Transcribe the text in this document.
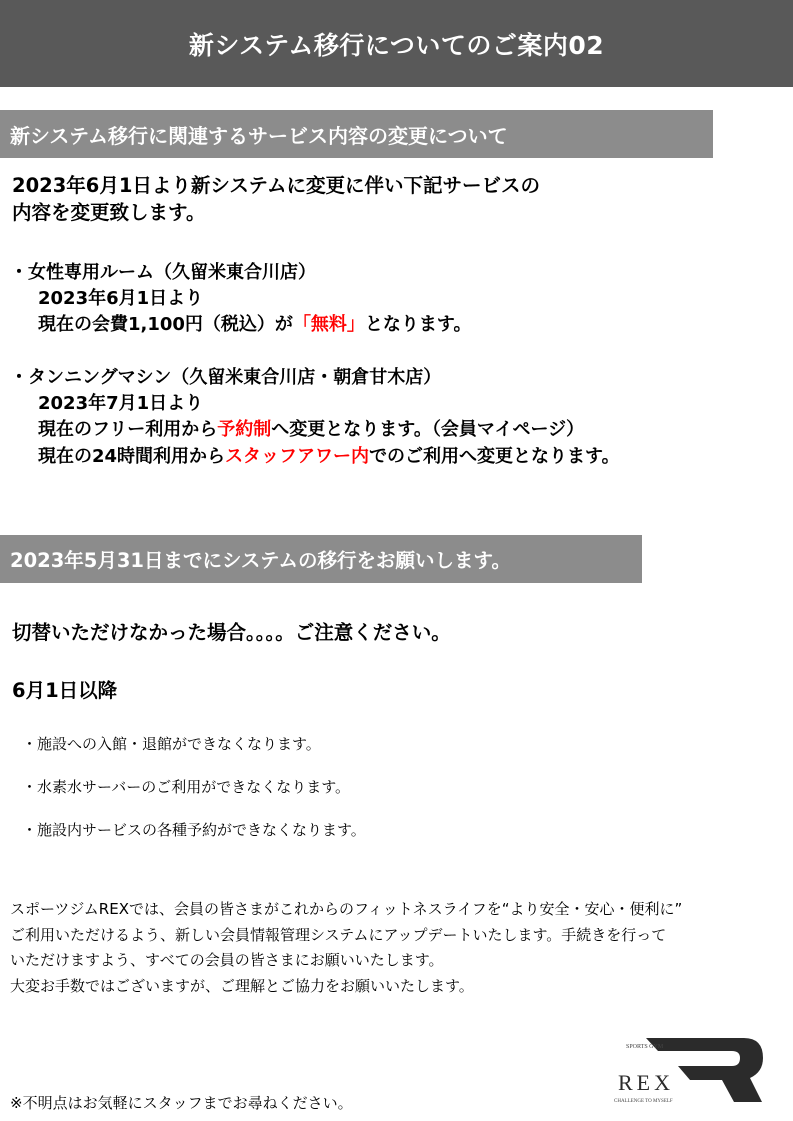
新システム移行についてのご案内02
新システム移行に関連するサービス内容の変更について
2023年6月1日より新システムに変更に伴い下記サービスの
内容を変更致します。
・女性専用ルーム（久留米東合川店）
2023年6月1日より
現在の会費1,100円（税込）が「無料」となります。
・タンニングマシン（久留米東合川店・朝倉甘木店）
2023年7月1日より
現在のフリー利用から予約制へ変更となります。（会員マイページ）
現在の24時間利用からスタッフアワー内でのご利用へ変更となります。
2023年5月31日までにシステムの移行をお願いします。
切替いただけなかった場合。。。。ご注意ください。
6月1日以降
・施設への入館・退館ができなくなります。
・水素水サーバーのご利用ができなくなります。
・施設内サービスの各種予約ができなくなります。
スポーツジムREXでは、会員の皆さまがこれからのフィットネスライフを“より安全・安心・便利に”
ご利用いただけるよう、新しい会員情報管理システムにアップデートいたします。手続きを行って
いただけますよう、すべての会員の皆さまにお願いいたします。
大変お手数ではございますが、ご理解とご協力をお願いいたします。
※不明点はお気軽にスタッフまでお尋ねください。
SPORTS GYM
REX
CHALLENGE TO MYSELF
